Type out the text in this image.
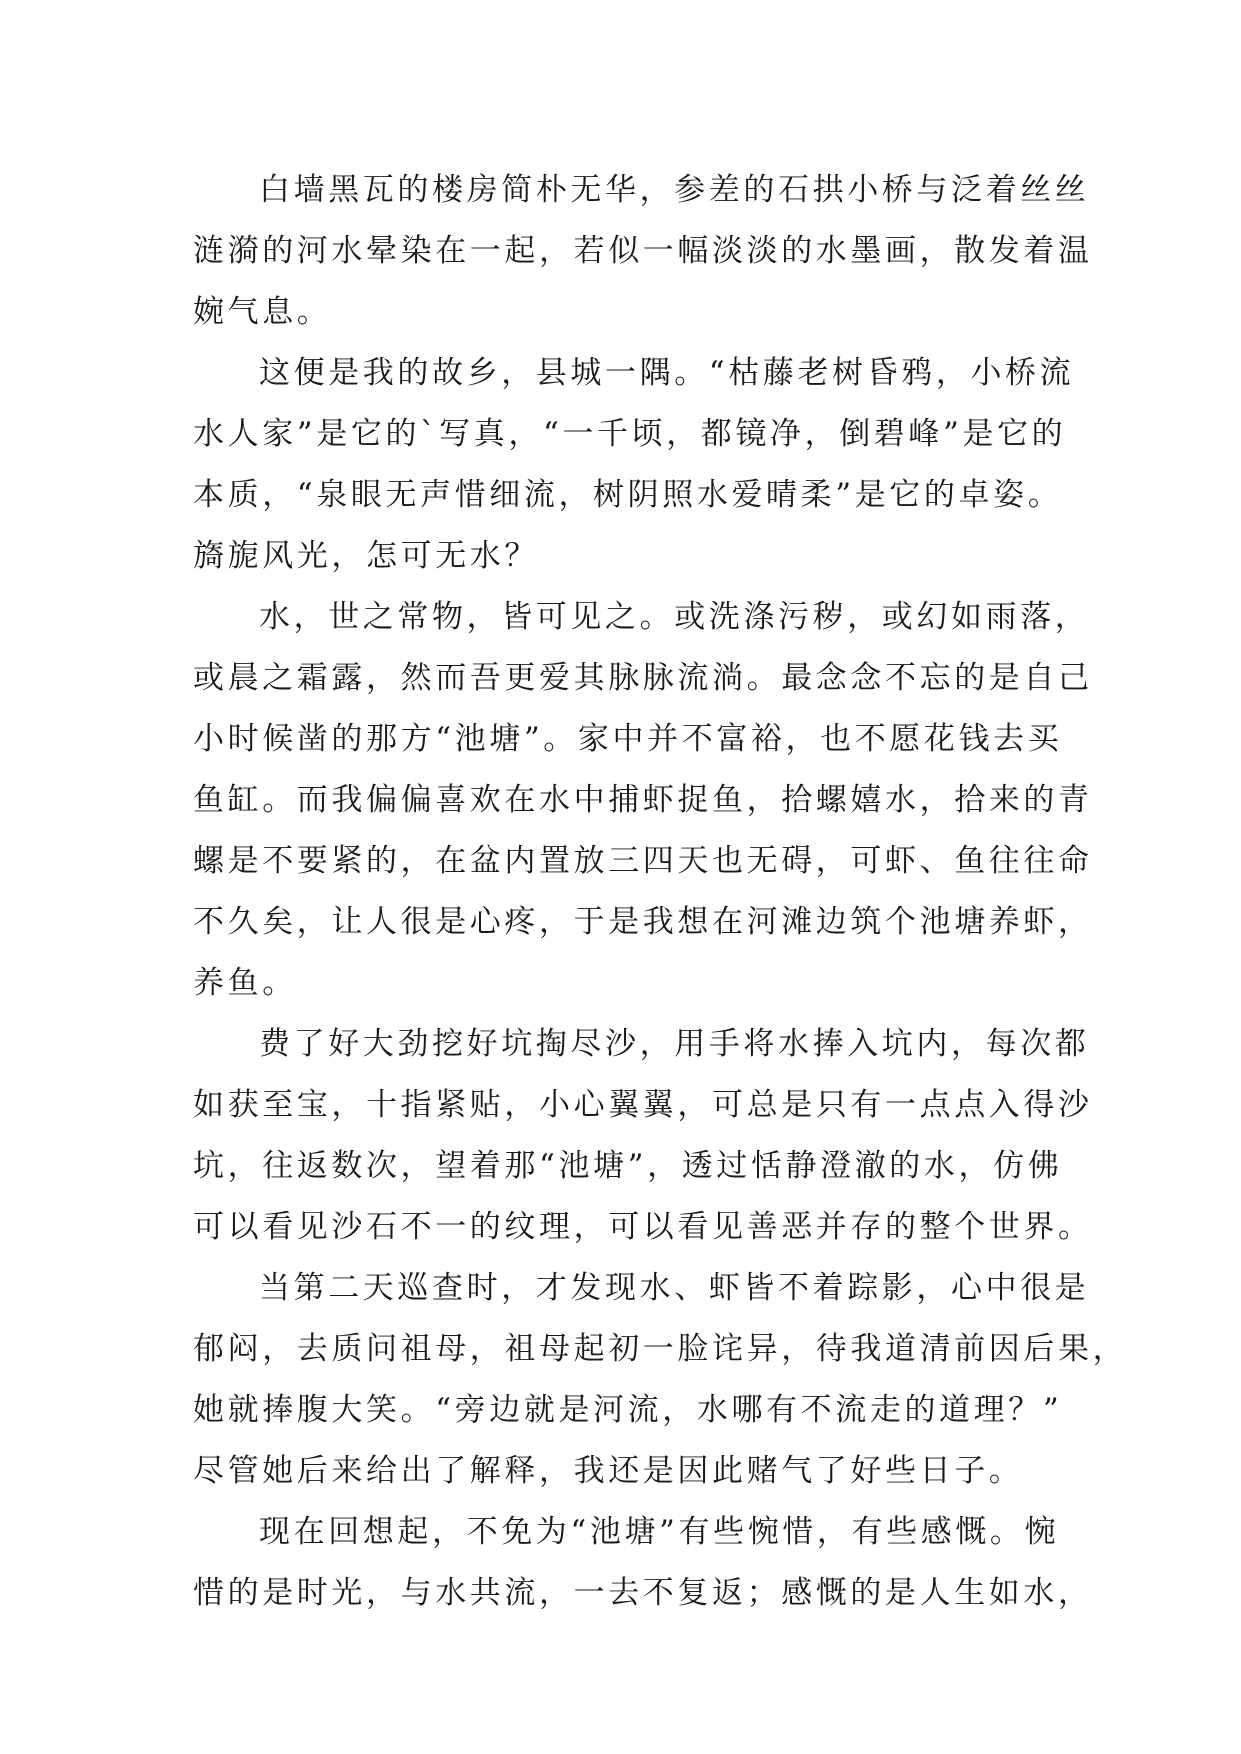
白墙黑瓦的楼房简朴无华，参差的石拱小桥与泛着丝丝
涟漪的河水晕染在一起，若似一幅淡淡的水墨画，散发着温
婉气息。
这便是我的故乡，县城一隅。“枯藤老树昏鸦，小桥流
水人家”是它的`写真，“一千顷，都镜净，倒碧峰”是它的
本质，“泉眼无声惜细流，树阴照水爱晴柔”是它的卓姿。
旖旎风光，怎可无水？
水，世之常物，皆可见之。或洗涤污秽，或幻如雨落，
或晨之霜露，然而吾更爱其脉脉流淌。最念念不忘的是自己
小时候凿的那方“池塘”。家中并不富裕，也不愿花钱去买
鱼缸。而我偏偏喜欢在水中捕虾捉鱼，拾螺嬉水，拾来的青
螺是不要紧的，在盆内置放三四天也无碍，可虾、鱼往往命
不久矣，让人很是心疼，于是我想在河滩边筑个池塘养虾，
养鱼。
费了好大劲挖好坑掏尽沙，用手将水捧入坑内，每次都
如获至宝，十指紧贴，小心翼翼，可总是只有一点点入得沙
坑，往返数次，望着那“池塘”，透过恬静澄澈的水，仿佛
可以看见沙石不一的纹理，可以看见善恶并存的整个世界。
当第二天巡查时，才发现水、虾皆不着踪影，心中很是
郁闷，去质问祖母，祖母起初一脸诧异，待我道清前因后果，
她就捧腹大笑。“旁边就是河流，水哪有不流走的道理？”
尽管她后来给出了解释，我还是因此赌气了好些日子。
现在回想起，不免为“池塘”有些惋惜，有些感慨。惋
惜的是时光，与水共流，一去不复返；感慨的是人生如水，
